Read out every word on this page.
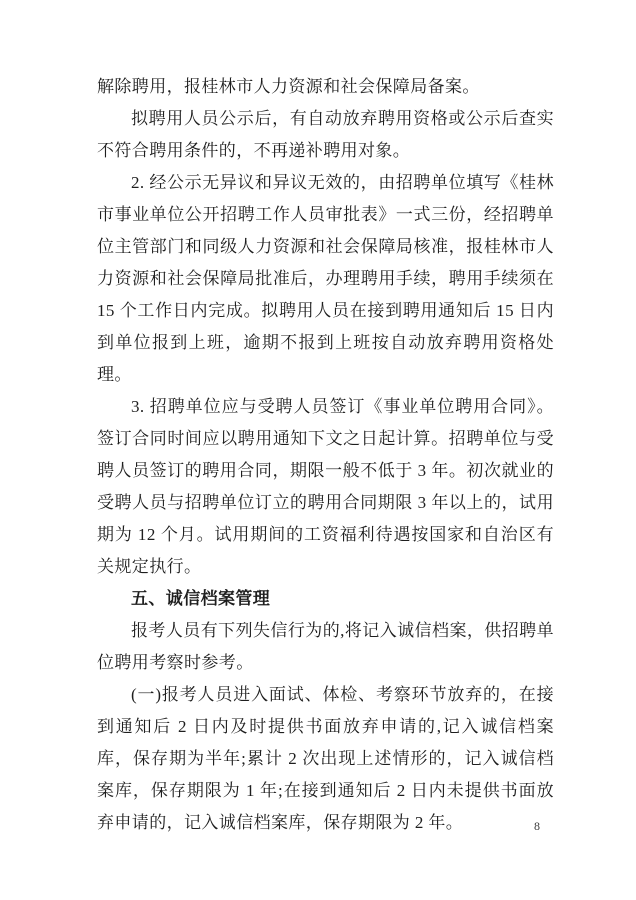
解除聘用，报桂林市人力资源和社会保障局备案。

拟聘用人员公示后，有自动放弃聘用资格或公示后查实不符合聘用条件的，不再递补聘用对象。

2. 经公示无异议和异议无效的，由招聘单位填写《桂林市事业单位公开招聘工作人员审批表》一式三份，经招聘单位主管部门和同级人力资源和社会保障局核准，报桂林市人力资源和社会保障局批准后，办理聘用手续，聘用手续须在 15 个工作日内完成。拟聘用人员在接到聘用通知后 15 日内到单位报到上班，逾期不报到上班按自动放弃聘用资格处理。

3. 招聘单位应与受聘人员签订《事业单位聘用合同》。签订合同时间应以聘用通知下文之日起计算。招聘单位与受聘人员签订的聘用合同，期限一般不低于 3 年。初次就业的受聘人员与招聘单位订立的聘用合同期限 3 年以上的，试用期为 12 个月。试用期间的工资福利待遇按国家和自治区有关规定执行。

五、诚信档案管理

报考人员有下列失信行为的,将记入诚信档案，供招聘单位聘用考察时参考。

(一)报考人员进入面试、体检、考察环节放弃的，在接到通知后 2 日内及时提供书面放弃申请的,记入诚信档案库，保存期为半年;累计 2 次出现上述情形的，记入诚信档案库，保存期限为 1 年;在接到通知后 2 日内未提供书面放弃申请的，记入诚信档案库，保存期限为 2 年。	8
